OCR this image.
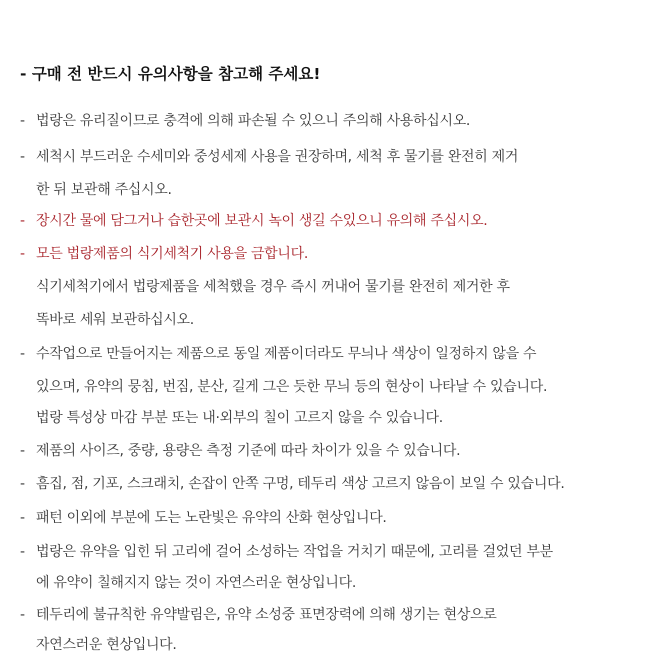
- 구매 전 반드시 유의사항을 참고해 주세요!
- 법랑은 유리질이므로 충격에 의해 파손될 수 있으니 주의해 사용하십시오.
- 세척시 부드러운 수세미와 중성세제 사용을 권장하며, 세척 후 물기를 완전히 제거
한 뒤 보관해 주십시오.
- 장시간 물에 담그거나 습한곳에 보관시 녹이 생길 수있으니 유의해 주십시오.
- 모든 법랑제품의 식기세척기 사용을 금합니다.
식기세척기에서 법랑제품을 세척했을 경우 즉시 꺼내어 물기를 완전히 제거한 후
똑바로 세워 보관하십시오.
- 수작업으로 만들어지는 제품으로 동일 제품이더라도 무늬나 색상이 일정하지 않을 수
있으며, 유약의 뭉침, 번짐, 분산, 길게 그은 듯한 무늬 등의 현상이 나타날 수 있습니다.
법랑 특성상 마감 부분 또는 내·외부의 칠이 고르지 않을 수 있습니다.
- 제품의 사이즈, 중량, 용량은 측정 기준에 따라 차이가 있을 수 있습니다.
- 흠집, 점, 기포, 스크래치, 손잡이 안쪽 구멍, 테두리 색상 고르지 않음이 보일 수 있습니다.
- 패턴 이외에 부분에 도는 노란빛은 유약의 산화 현상입니다.
- 법랑은 유약을 입힌 뒤 고리에 걸어 소성하는 작업을 거치기 때문에, 고리를 걸었던 부분
에 유약이 칠해지지 않는 것이 자연스러운 현상입니다.
- 테두리에 불규칙한 유약발림은, 유약 소성중 표면장력에 의해 생기는 현상으로
자연스러운 현상입니다.
